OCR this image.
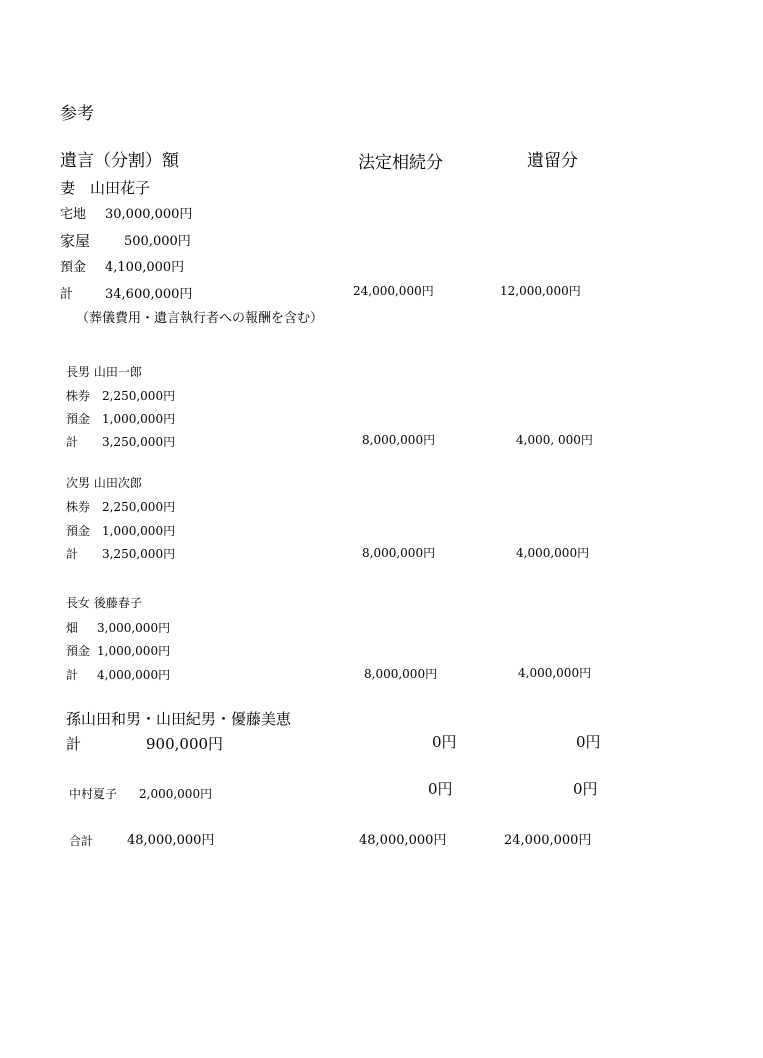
参考
遺言（分割）額	法定相続分	遺留分
妻　山田花子
宅地 30,000,000円
家屋	500,000円
預金 4,100,000円
計 34,600,000円	24,000,000円	12,000,000円
（葬儀費用・遺言執行者への報酬を含む）
長男 山田一郎
株券 2,250,000円
預金 1,000,000円
計 3,250,000円	8,000,000円	4,000, 000円
次男 山田次郎
株券 2,250,000円
預金 1,000,000円
計 3,250,000円	8,000,000円	4,000,000円
長女 後藤春子
畑 3,000,000円
預金 1,000,000円
計 4,000,000円	8,000,000円	4,000,000円
孫山田和男・山田紀男・優藤美恵
計	900,000円	0円	0円
中村夏子 2,000,000円	0円	0円
合計	48,000,000円	48,000,000円	24,000,000円
